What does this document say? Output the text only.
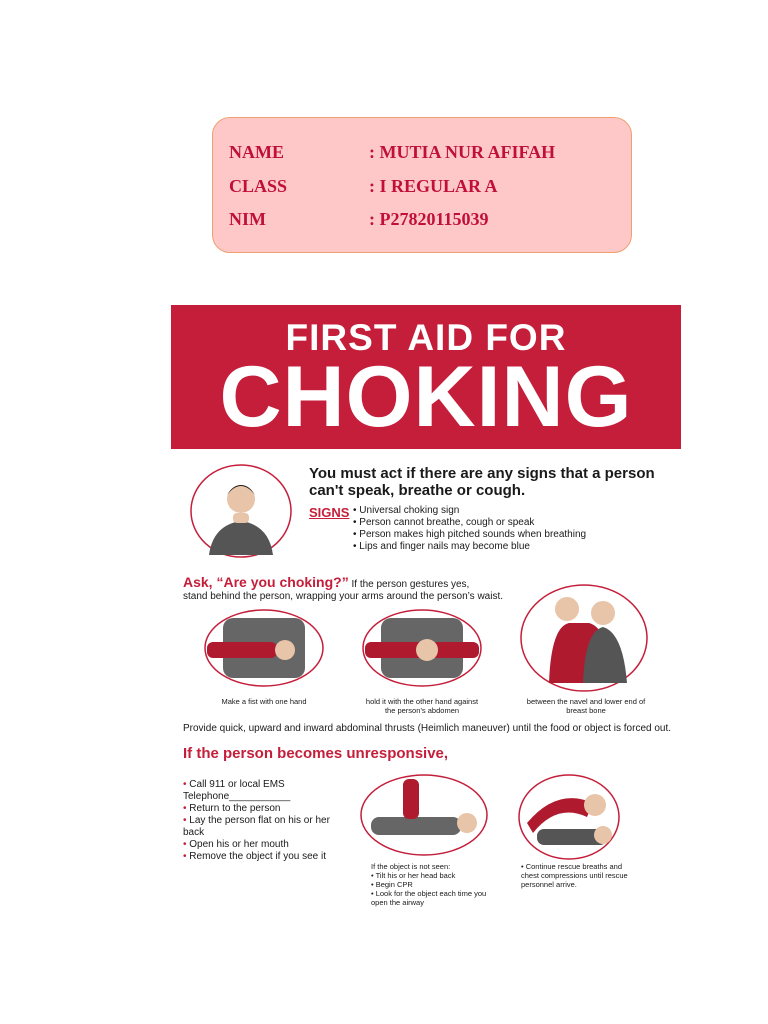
NAME	: MUTIA NUR AFIFAH
CLASS	: I REGULAR A
NIM	: P27820115039
FIRST AID FOR
CHOKING
You must act if there are any signs that a person can't speak, breathe or cough.
SIGNS
• Universal choking sign
• Person cannot breathe, cough or speak
• Person makes high pitched sounds when breathing
• Lips and finger nails may become blue
Ask, “Are you choking?” If the person gestures yes,
stand behind the person, wrapping your arms around the person’s waist.
Make a fist with one hand	hold it with the other hand against the person’s abdomen
between the navel and lower end of breast bone
Provide quick, upward and inward abdominal thrusts (Heimlich maneuver) until the food or object is forced out.
If the person becomes unresponsive,
• Call 911 or local EMS Telephone___________
• Return to the person
• Lay the person flat on his or her back
• Open his or her mouth
• Remove the object if you see it
If the object is not seen:
• Tilt his or her head back
• Begin CPR
• Look for the object each time you open the airway
• Continue rescue breaths and chest compressions until rescue personnel arrive.
